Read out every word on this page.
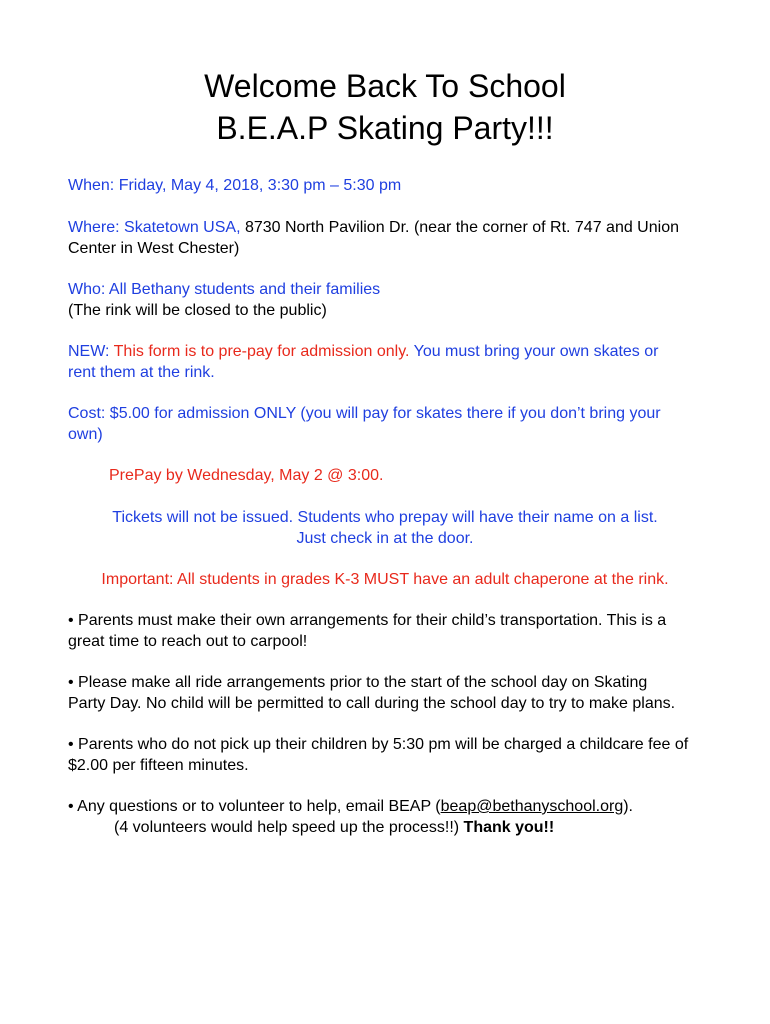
Welcome Back To School
B.E.A.P Skating Party!!!
When: Friday, May 4, 2018, 3:30 pm – 5:30 pm
Where: Skatetown USA, 8730 North Pavilion Dr. (near the corner of Rt. 747 and Union
Center in West Chester)
Who: All Bethany students and their families
(The rink will be closed to the public)
NEW: This form is to pre-pay for admission only. You must bring your own skates or
rent them at the rink.
Cost: $5.00 for admission ONLY (you will pay for skates there if you don’t bring your
own)
PrePay by Wednesday, May 2 @ 3:00.
Tickets will not be issued. Students who prepay will have their name on a list.
Just check in at the door.
Important: All students in grades K-3 MUST have an adult chaperone at the rink.
• Parents must make their own arrangements for their child’s transportation. This is a
great time to reach out to carpool!
• Please make all ride arrangements prior to the start of the school day on Skating
Party Day. No child will be permitted to call during the school day to try to make plans.
• Parents who do not pick up their children by 5:30 pm will be charged a childcare fee of
$2.00 per fifteen minutes.
• Any questions or to volunteer to help, email BEAP (beap@bethanyschool.org).
(4 volunteers would help speed up the process!!) Thank you!!
